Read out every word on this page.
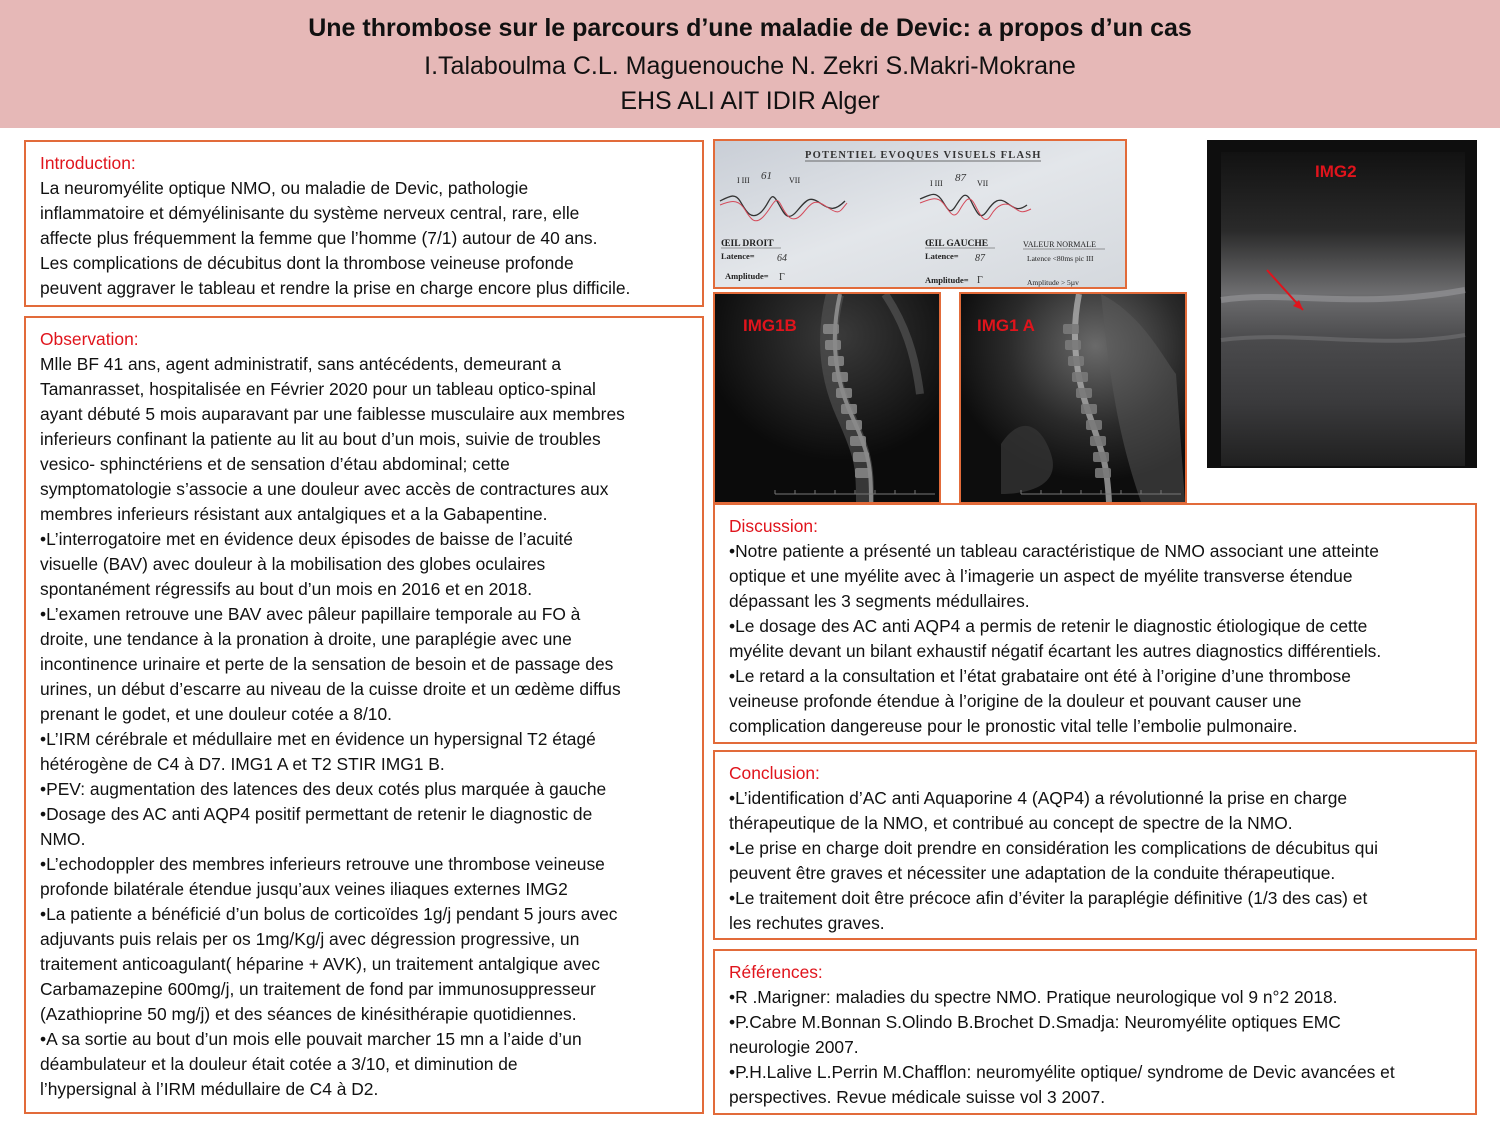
Une thrombose sur le parcours d’une maladie de Devic: a propos d’un cas
I.Talaboulma C.L. Maguenouche N. Zekri S.Makri-Mokrane
EHS ALI AIT IDIR Alger

Introduction:

La neuromyélite optique NMO, ou maladie de Devic, pathologie

inflammatoire et démyélinisante du système nerveux central, rare, elle

affecte plus fréquemment la femme que l’homme (7/1) autour de 40 ans.

Les complications de décubitus dont la thrombose veineuse profonde

peuvent aggraver le tableau et rendre la prise en charge encore plus difficile.

Observation:

Mlle BF 41 ans, agent administratif, sans antécédents, demeurant a

Tamanrasset, hospitalisée en Février 2020 pour un tableau optico-spinal

ayant débuté 5 mois auparavant par une faiblesse musculaire aux membres

inferieurs confinant la patiente au lit au bout d’un mois, suivie de troubles

vesico- sphinctériens et de sensation d’étau abdominal; cette

symptomatologie s’associe a une douleur avec accès de contractures aux

membres inferieurs résistant aux antalgiques et a la Gabapentine.

•L’interrogatoire met en évidence deux épisodes de baisse de l’acuité

visuelle (BAV) avec douleur à la mobilisation des globes oculaires

spontanément régressifs au bout d’un mois en 2016 et en 2018.

•L’examen retrouve une BAV avec pâleur papillaire temporale au FO à

droite, une tendance à la pronation à droite, une paraplégie avec une

incontinence urinaire et perte de la sensation de besoin et de passage des

urines, un début d’escarre au niveau de la cuisse droite et un œdème diffus

prenant le godet, et une douleur cotée a 8/10.

•L’IRM cérébrale et médullaire met en évidence un hypersignal T2 étagé

hétérogène de C4 à D7. IMG1 A et T2 STIR IMG1 B.

•PEV: augmentation des latences des deux cotés plus marquée à gauche

•Dosage des AC anti AQP4 positif permettant de retenir le diagnostic de

NMO.

•L’echodoppler des membres inferieurs retrouve une thrombose veineuse

profonde bilatérale étendue jusqu’aux veines iliaques externes IMG2

•La patiente a bénéficié d’un bolus de corticoïdes 1g/j pendant 5 jours avec

adjuvants puis relais per os 1mg/Kg/j avec dégression progressive, un

traitement anticoagulant( héparine + AVK), un traitement antalgique avec

Carbamazepine 600mg/j, un traitement de fond par immunosuppresseur

(Azathioprine 50 mg/j) et des séances de kinésithérapie quotidiennes.

•A sa sortie au bout d’un mois elle pouvait marcher 15 mn a l’aide d’un

déambulateur et la douleur était cotée a 3/10, et diminution de

l’hypersignal à l’IRM médullaire de C4 à D2.

POTENTIEL EVOQUES VISUELS FLASH
I III 61 VII	I III 87 VII
ŒIL DROIT
Latence= 64
Amplitude= Γ
ŒIL GAUCHE
Latence= 87
Amplitude= Γ
VALEUR NORMALE
Latence <80ms pic III
Amplitude > 5µv
IMG1B	IMG1 A
IMG2

Discussion:

•Notre patiente a présenté un tableau caractéristique de NMO associant une atteinte

optique et une myélite avec à l’imagerie un aspect de myélite transverse étendue

dépassant les 3 segments médullaires.

•Le dosage des AC anti AQP4 a permis de retenir le diagnostic étiologique de cette

myélite devant un bilant exhaustif négatif écartant les autres diagnostics différentiels.

•Le retard a la consultation et l’état grabataire ont été à l’origine d’une thrombose

veineuse profonde étendue à l’origine de la douleur et pouvant causer une

complication dangereuse pour le pronostic vital telle l’embolie pulmonaire.

Conclusion:

•L’identification d’AC anti Aquaporine 4 (AQP4) a révolutionné la prise en charge

thérapeutique de la NMO, et contribué au concept de spectre de la NMO.

•Le prise en charge doit prendre en considération les complications de décubitus qui

peuvent être graves et nécessiter une adaptation de la conduite thérapeutique.

•Le traitement doit être précoce afin d’éviter la paraplégie définitive (1/3 des cas) et

les rechutes graves.

Références:

•R .Marigner: maladies du spectre NMO. Pratique neurologique vol 9 n°2 2018.

•P.Cabre M.Bonnan S.Olindo B.Brochet D.Smadja: Neuromyélite optiques EMC

neurologie 2007.

•P.H.Lalive L.Perrin M.Chafflon: neuromyélite optique/ syndrome de Devic avancées et

perspectives. Revue médicale suisse vol 3 2007.
